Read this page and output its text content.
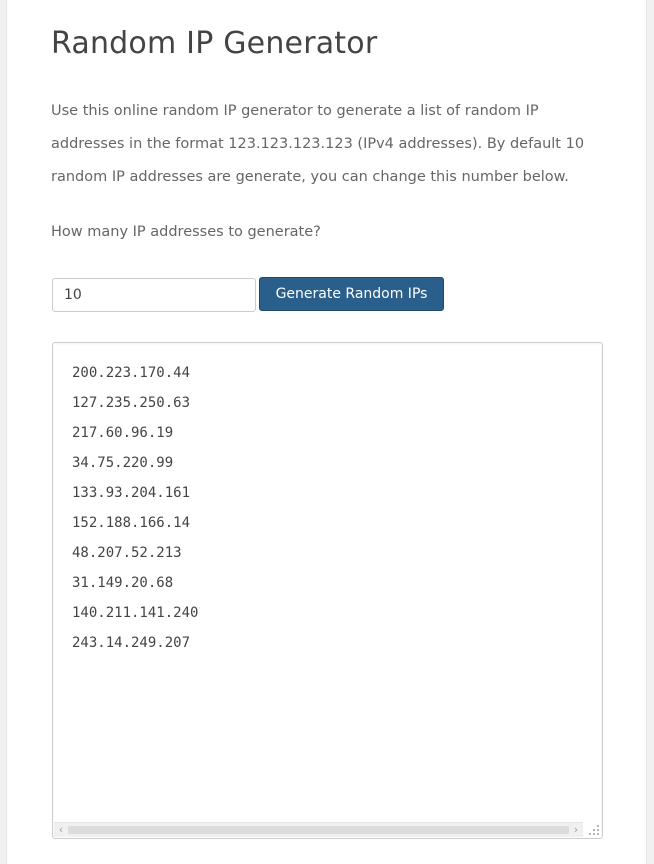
Random IP Generator

Use this online random IP generator to generate a list of random IP addresses in the format 123.123.123.123 (IPv4 addresses). By default 10 random IP addresses are generate, you can change this number below.

How many IP addresses to generate?

10
Generate Random IPs
200.223.170.44
127.235.250.63
217.60.96.19
34.75.220.99
133.93.204.161
152.188.166.14
48.207.52.213
31.149.20.68
140.211.141.240
243.14.249.207
‹	›
